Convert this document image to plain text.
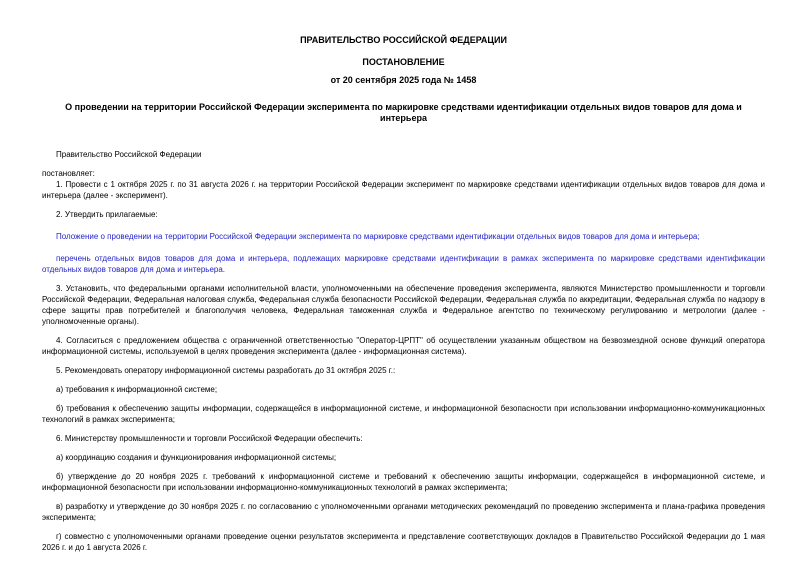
ПРАВИТЕЛЬСТВО РОССИЙСКОЙ ФЕДЕРАЦИИ
ПОСТАНОВЛЕНИЕ
от 20 сентября 2025 года № 1458
О проведении на территории Российской Федерации эксперимента по маркировке средствами идентификации отдельных видов товаров для дома и интерьера

Правительство Российской Федерации

постановляет:

1. Провести с 1 октября 2025 г. по 31 августа 2026 г. на территории Российской Федерации эксперимент по маркировке средствами идентификации отдельных видов товаров для дома и интерьера (далее - эксперимент).

2. Утвердить прилагаемые:

Положение о проведении на территории Российской Федерации эксперимента по маркировке средствами идентификации отдельных видов товаров для дома и интерьера;

перечень отдельных видов товаров для дома и интерьера, подлежащих маркировке средствами идентификации в рамках эксперимента по маркировке средствами идентификации отдельных видов товаров для дома и интерьера.

3. Установить, что федеральными органами исполнительной власти, уполномоченными на обеспечение проведения эксперимента, являются Министерство промышленности и торговли Российской Федерации, Федеральная налоговая служба, Федеральная служба безопасности Российской Федерации, Федеральная служба по аккредитации, Федеральная служба по надзору в сфере защиты прав потребителей и благополучия человека, Федеральная таможенная служба и Федеральное агентство по техническому регулированию и метрологии (далее - уполномоченные органы).

4. Согласиться с предложением общества с ограниченной ответственностью "Оператор-ЦРПТ" об осуществлении указанным обществом на безвозмездной основе функций оператора информационной системы, используемой в целях проведения эксперимента (далее - информационная система).

5. Рекомендовать оператору информационной системы разработать до 31 октября 2025 г.:

а) требования к информационной системе;

б) требования к обеспечению защиты информации, содержащейся в информационной системе, и информационной безопасности при использовании информационно-коммуникационных технологий в рамках эксперимента;

6. Министерству промышленности и торговли Российской Федерации обеспечить:

а) координацию создания и функционирования информационной системы;

б) утверждение до 20 ноября 2025 г. требований к информационной системе и требований к обеспечению защиты информации, содержащейся в информационной системе, и информационной безопасности при использовании информационно-коммуникационных технологий в рамках эксперимента;

в) разработку и утверждение до 30 ноября 2025 г. по согласованию с уполномоченными органами методических рекомендаций по проведению эксперимента и плана-графика проведения эксперимента;

г) совместно с уполномоченными органами проведение оценки результатов эксперимента и представление соответствующих докладов в Правительство Российской Федерации до 1 мая 2026 г. и до 1 августа 2026 г.
